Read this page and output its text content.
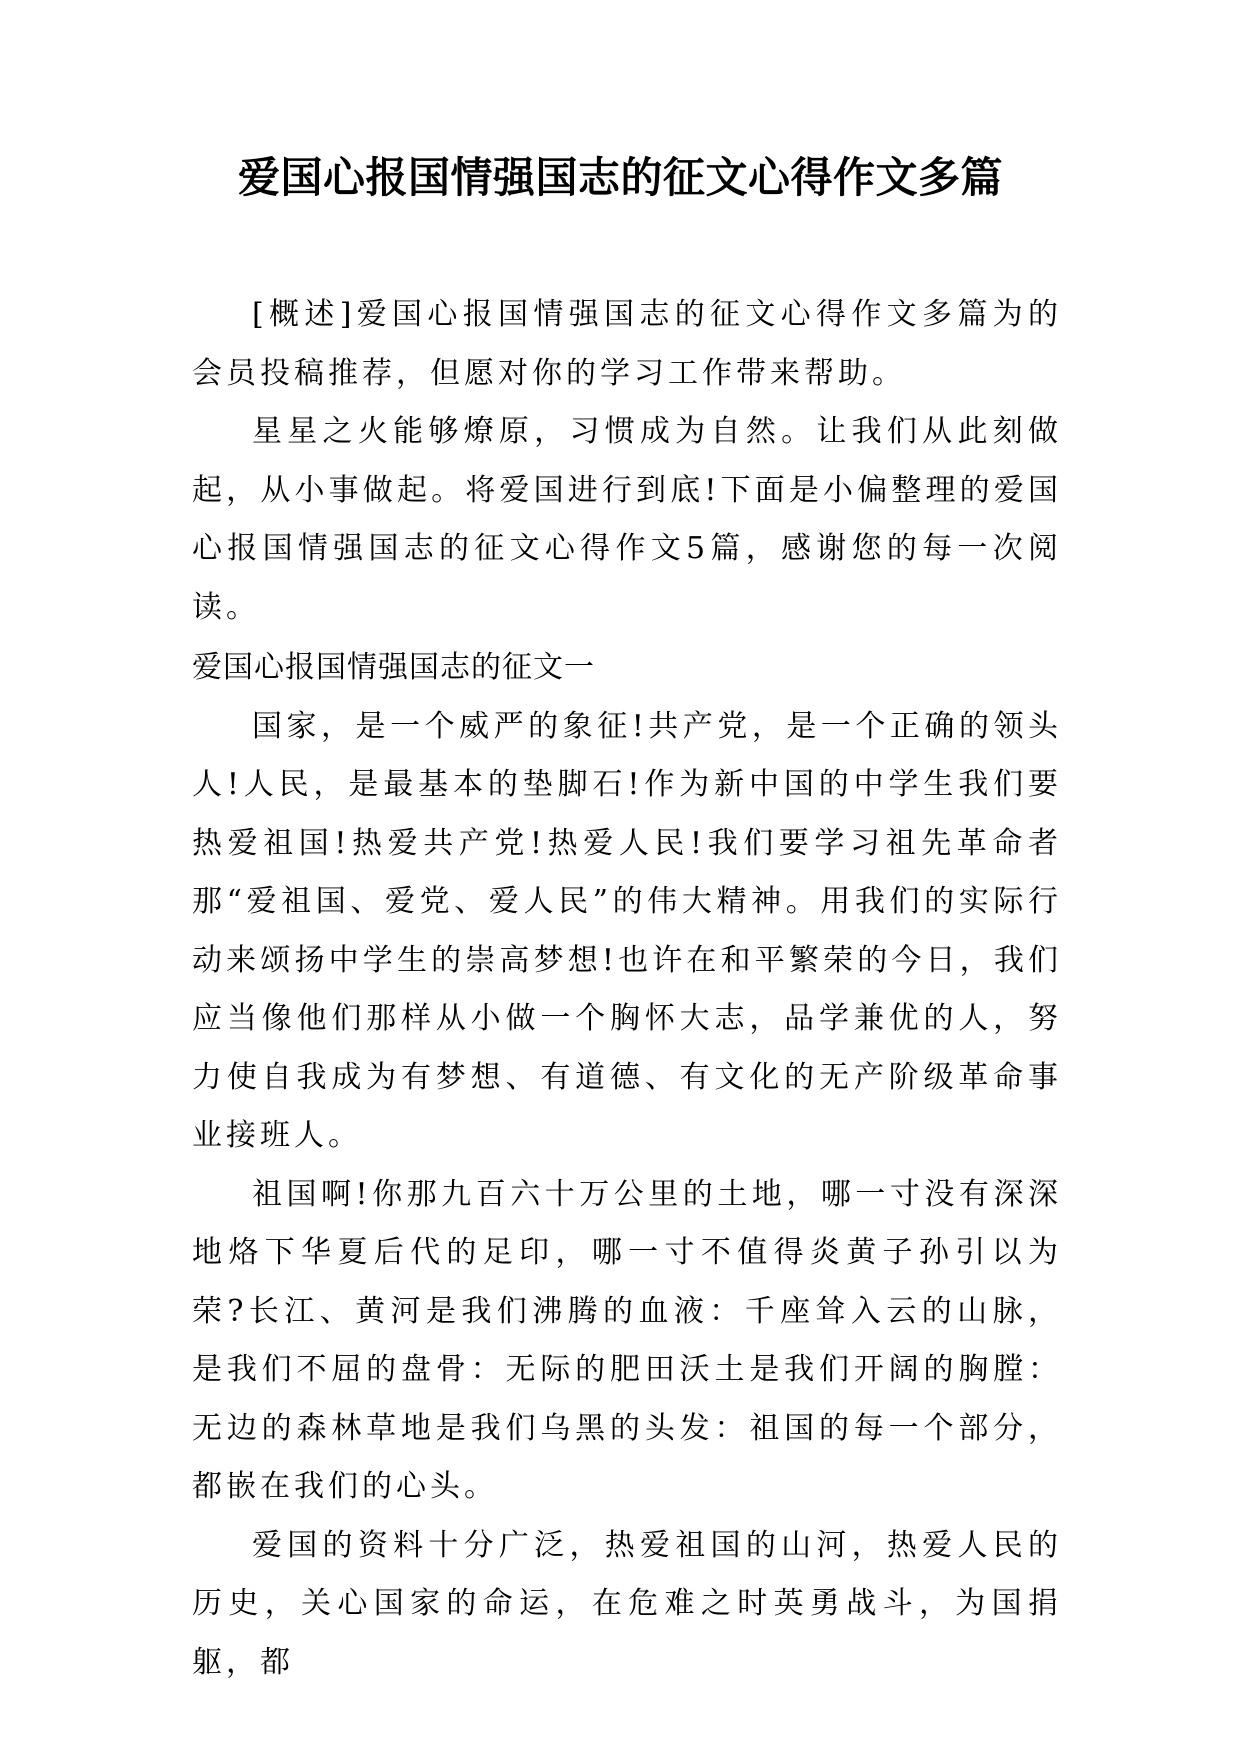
爱国心报国情强国志的征文心得作文多篇

[概述]爱国心报国情强国志的征文心得作文多篇为的会员投稿推荐，但愿对你的学习工作带来帮助。

星星之火能够燎原，习惯成为自然。让我们从此刻做起，从小事做起。将爱国进行到底!下面是小偏整理的爱国心报国情强国志的征文心得作文5篇，感谢您的每一次阅读。

爱国心报国情强国志的征文一

国家，是一个威严的象征!共产党，是一个正确的领头人!人民，是最基本的垫脚石!作为新中国的中学生我们要热爱祖国!热爱共产党!热爱人民!我们要学习祖先革命者那“爱祖国、爱党、爱人民”的伟大精神。用我们的实际行动来颂扬中学生的崇高梦想!也许在和平繁荣的今日，我们应当像他们那样从小做一个胸怀大志，品学兼优的人，努力使自我成为有梦想、有道德、有文化的无产阶级革命事业接班人。

祖国啊!你那九百六十万公里的土地，哪一寸没有深深地烙下华夏后代的足印，哪一寸不值得炎黄子孙引以为荣?长江、黄河是我们沸腾的血液：千座耸入云的山脉，是我们不屈的盘骨：无际的肥田沃土是我们开阔的胸膛：无边的森林草地是我们乌黑的头发：祖国的每一个部分，都嵌在我们的心头。

爱国的资料十分广泛，热爱祖国的山河，热爱人民的历史，关心国家的命运，在危难之时英勇战斗，为国捐躯，都
